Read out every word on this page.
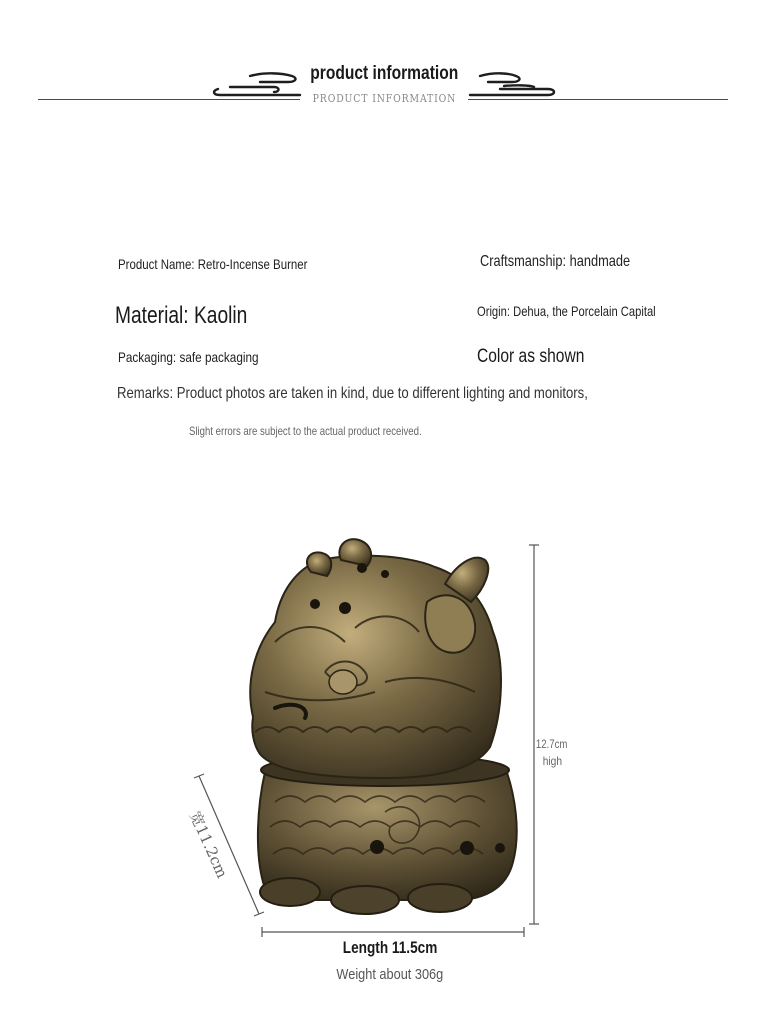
product information
PRODUCT INFORMATION
Product Name: Retro-Incense Burner	Craftsmanship: handmade
Material: Kaolin	Origin: Dehua, the Porcelain Capital
Packaging: safe packaging	Color as shown
Remarks: Product photos are taken in kind, due to different lighting and monitors,
Slight errors are subject to the actual product received.
12.7cm
high
宽11.2cm
Length 11.5cm
Weight about 306g
